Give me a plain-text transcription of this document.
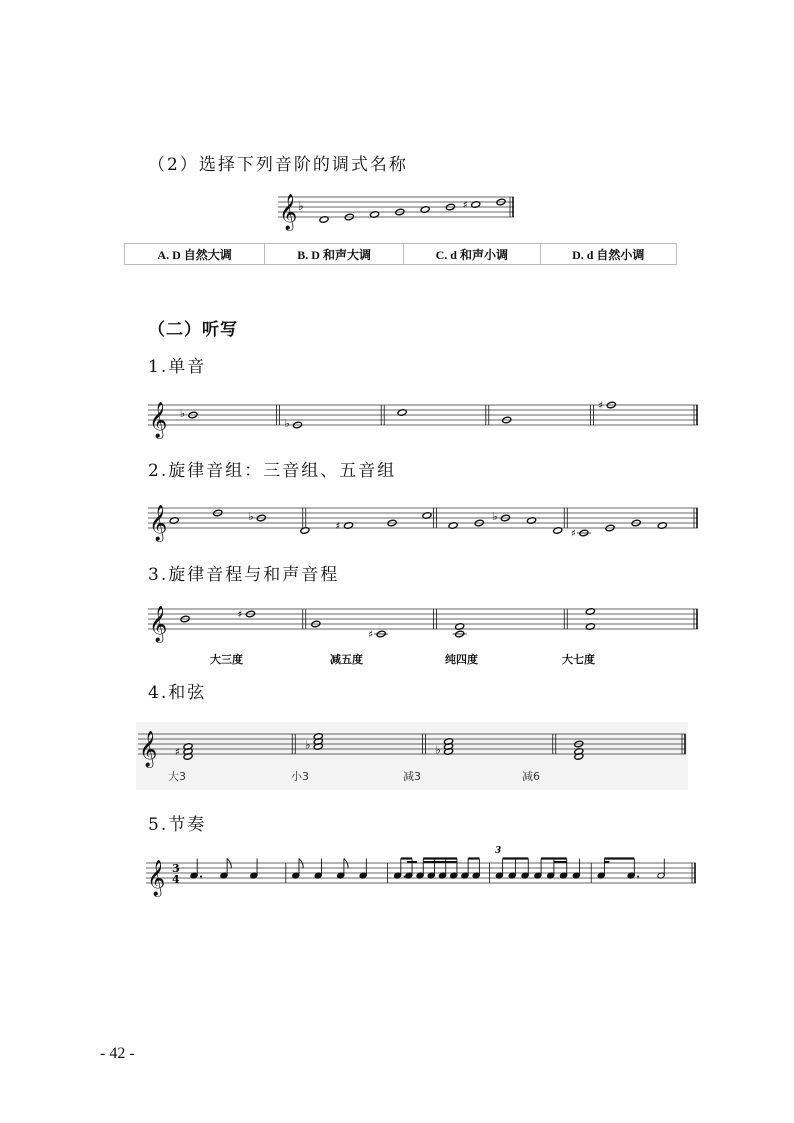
（2）选择下列音阶的调式名称
𝄞 ♭	♯
A. D 自然大调	B. D 和声大调	C. d 和声小调	D. d 自然小调
（二）听写
1.单音
𝄞 ♭
♭
♯
2.旋律音组：三音组、五音组
𝄞	♭
♯
♭
♯
3.旋律音程与和声音程
𝄞	♯
♯
大三度	减五度	纯四度	大七度
4.和弦
𝄞 ♯
♭	♭
大3	小3	减3	减6
5.节奏
3
4
3
𝄞
- 42 -
